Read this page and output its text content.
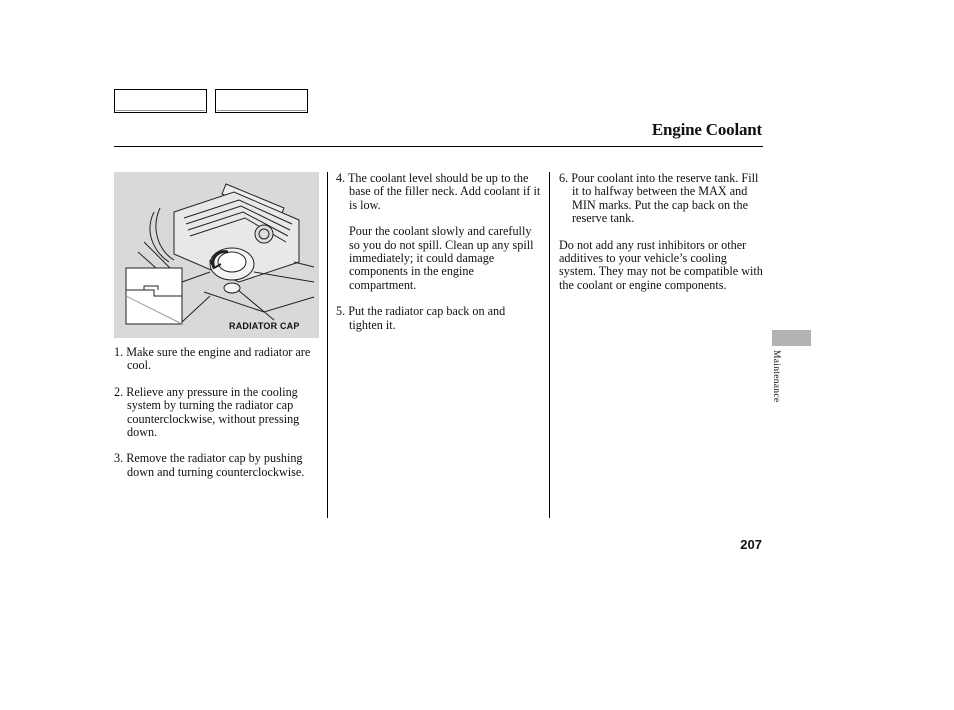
Engine Coolant
RADIATOR CAP

1. Make sure the engine and radiator are cool.

2. Relieve any pressure in the cooling system by turning the radiator cap counterclockwise, without pressing down.

3. Remove the radiator cap by pushing down and turning counterclockwise.

4. The coolant level should be up to the base of the filler neck. Add coolant if it is low.

Pour the coolant slowly and carefully so you do not spill. Clean up any spill immediately; it could damage components in the engine compartment.

5. Put the radiator cap back on and tighten it.

6. Pour coolant into the reserve tank. Fill it to halfway between the MAX and MIN marks. Put the cap back on the reserve tank.

Do not add any rust inhibitors or other additives to your vehicle’s cooling system. They may not be compatible with the coolant or engine components.

Maintenance
207
